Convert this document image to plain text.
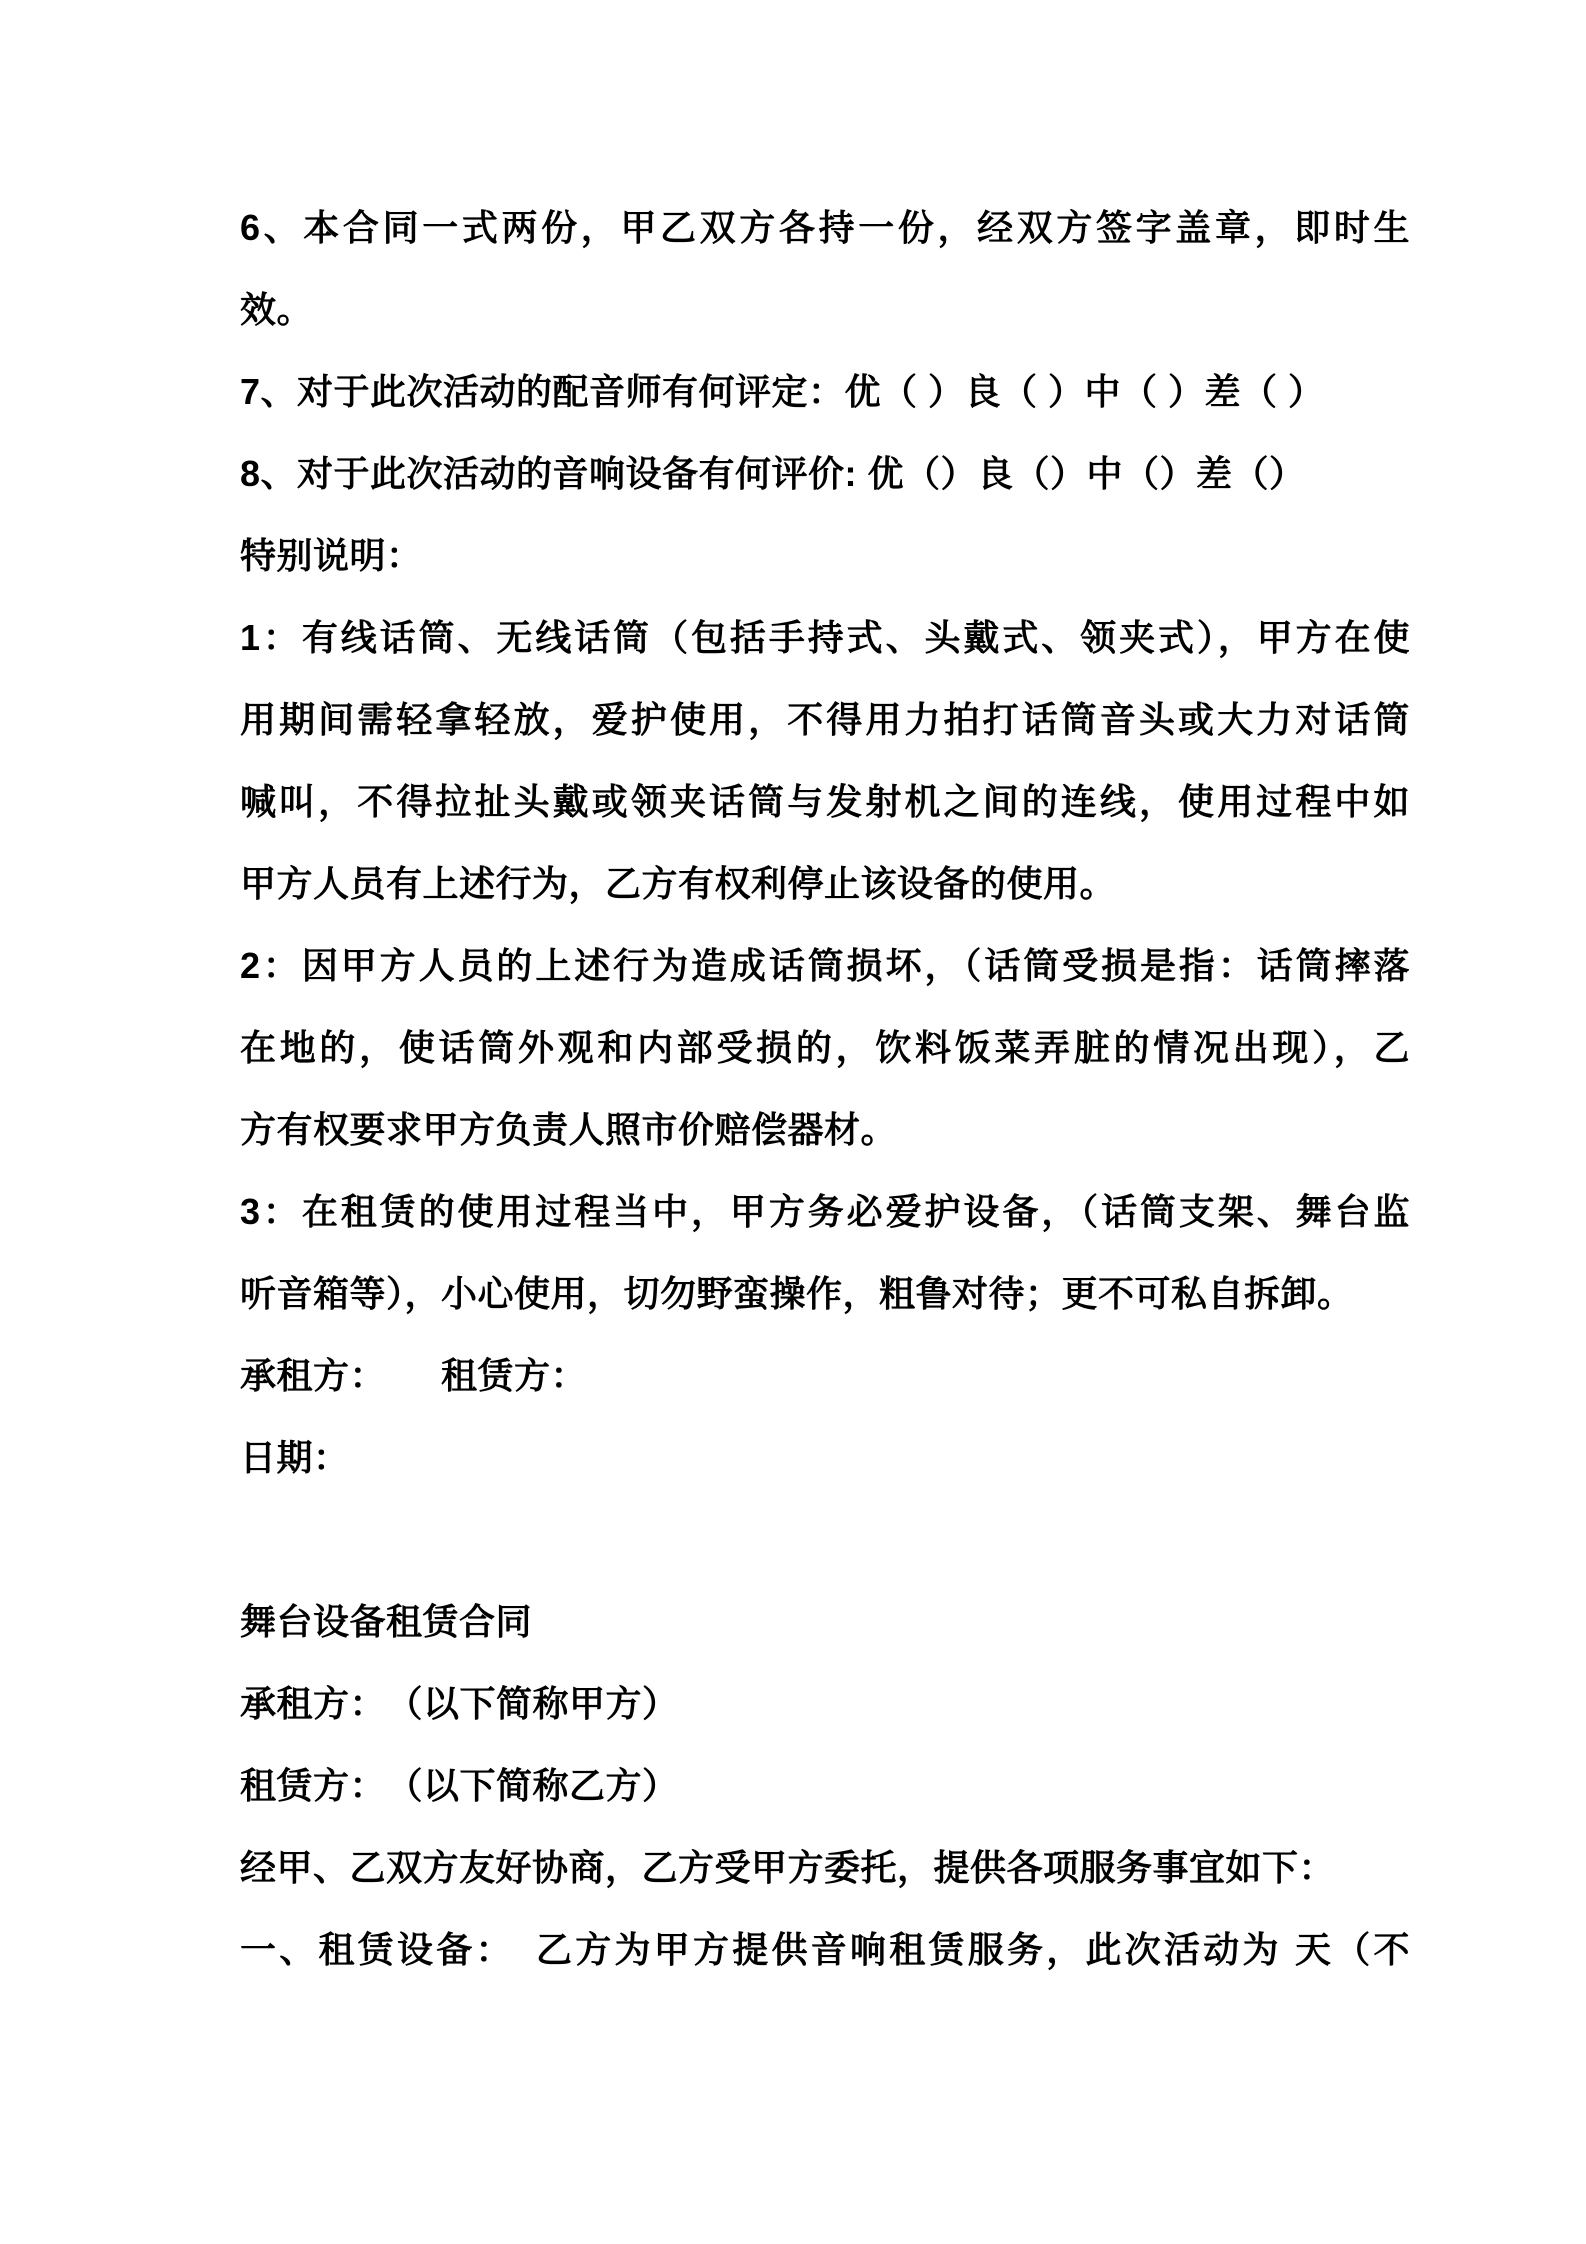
6、本合同一式两份，甲乙双方各持一份，经双方签字盖章，即时生
效。
7、对于此次活动的配音师有何评定：优（ ）良（ ）中（ ）差（ ）
8、对于此次活动的音响设备有何评价: 优（）良（）中（）差（）
特别说明：
1：有线话筒、无线话筒（包括手持式、头戴式、领夹式），甲方在使
用期间需轻拿轻放，爱护使用，不得用力拍打话筒音头或大力对话筒
喊叫，不得拉扯头戴或领夹话筒与发射机之间的连线，使用过程中如
甲方人员有上述行为，乙方有权利停止该设备的使用。
2：因甲方人员的上述行为造成话筒损坏，（话筒受损是指：话筒摔落
在地的，使话筒外观和内部受损的，饮料饭菜弄脏的情况出现），乙
方有权要求甲方负责人照市价赔偿器材。
3：在租赁的使用过程当中，甲方务必爱护设备，（话筒支架、舞台监
听音箱等），小心使用，切勿野蛮操作，粗鲁对待；更不可私自拆卸。
承租方：　　租赁方：
日期：
舞台设备租赁合同
承租方：　（以下简称甲方）
租赁方：　（以下简称乙方）
经甲、乙双方友好协商，乙方受甲方委托，提供各项服务事宜如下：
一、租赁设备：　乙方为甲方提供音响租赁服务，此次活动为 天（不
